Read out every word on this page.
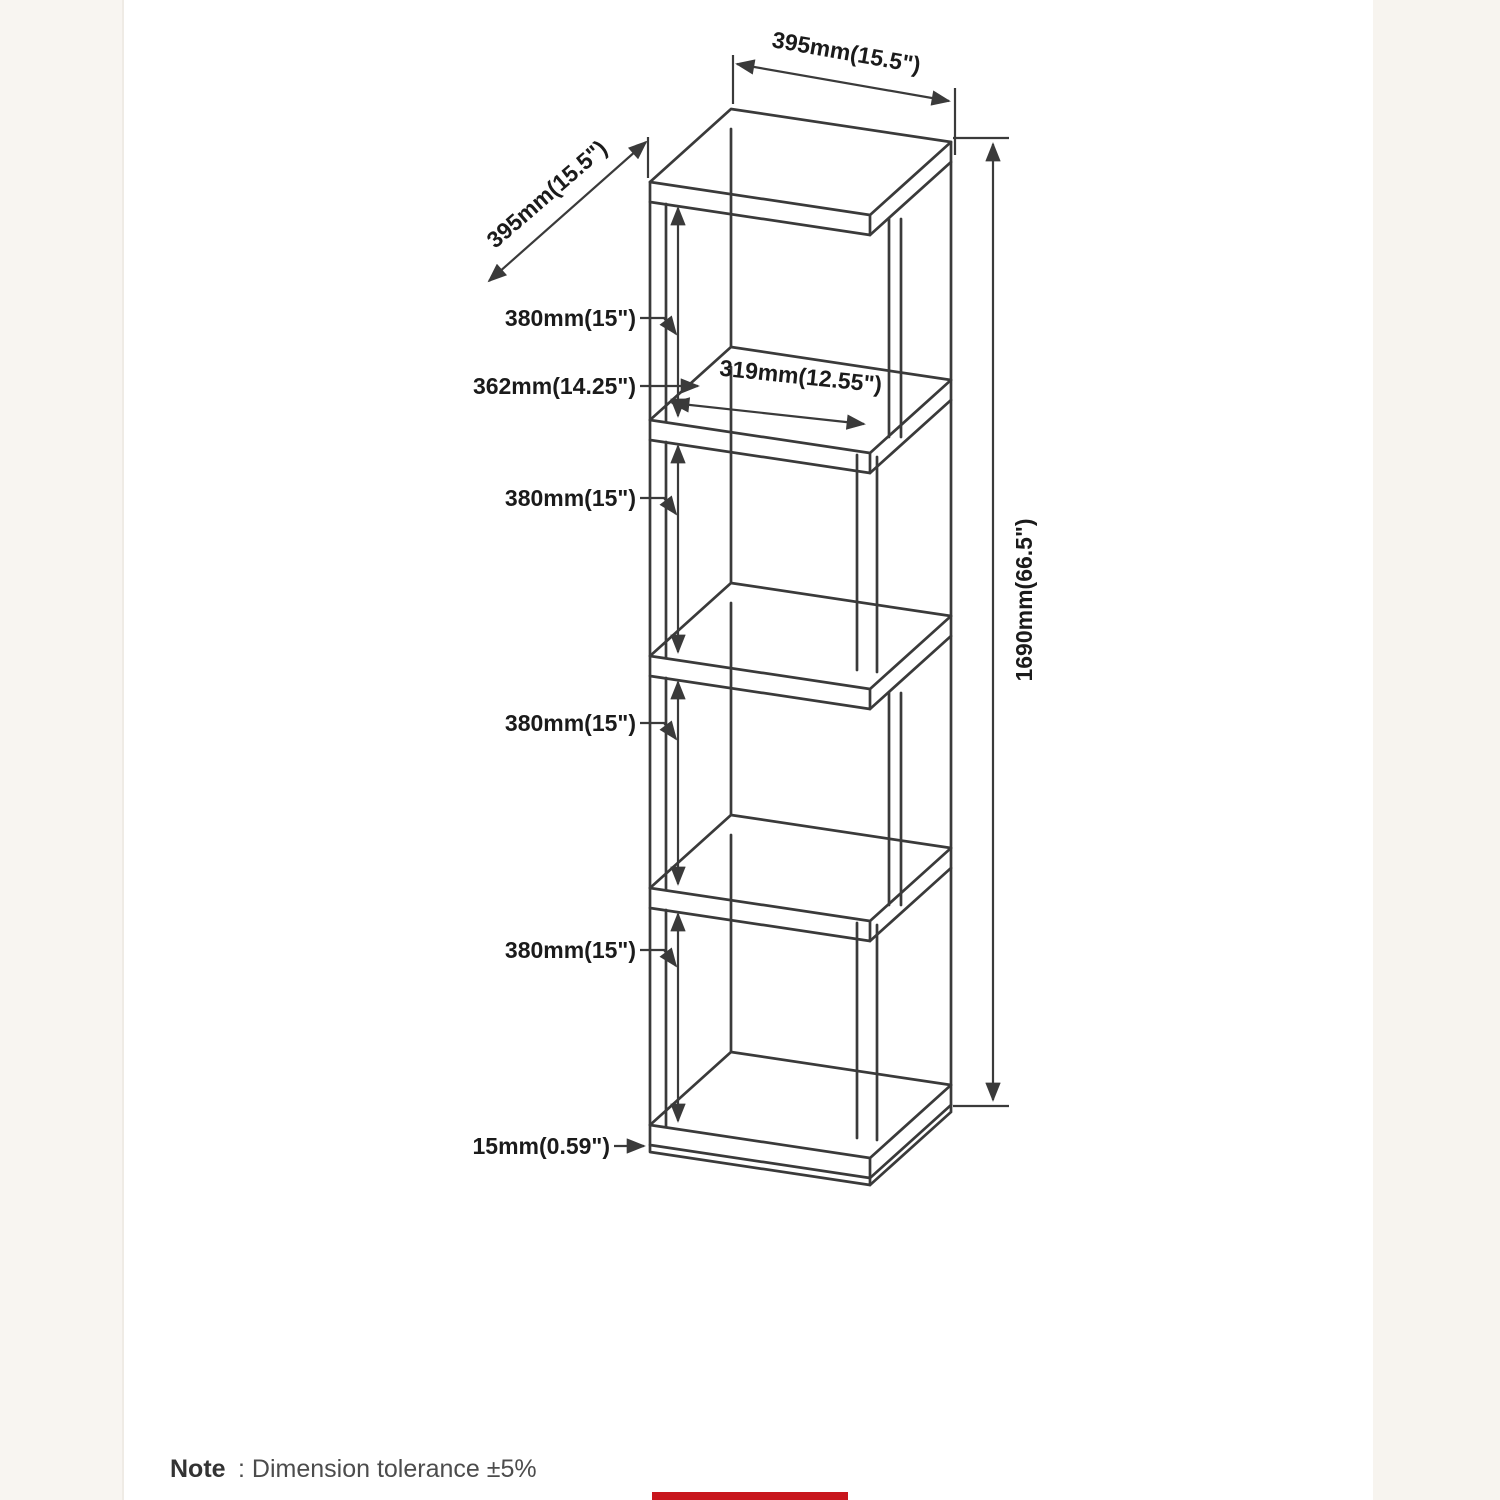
395mm(15.5")
395mm(15.5")
1690mm(66.5")
319mm(12.55")
362mm(14.25")
380mm(15")
380mm(15")
380mm(15")
380mm(15")
15mm(0.59")
Note : Dimension tolerance ±5%
